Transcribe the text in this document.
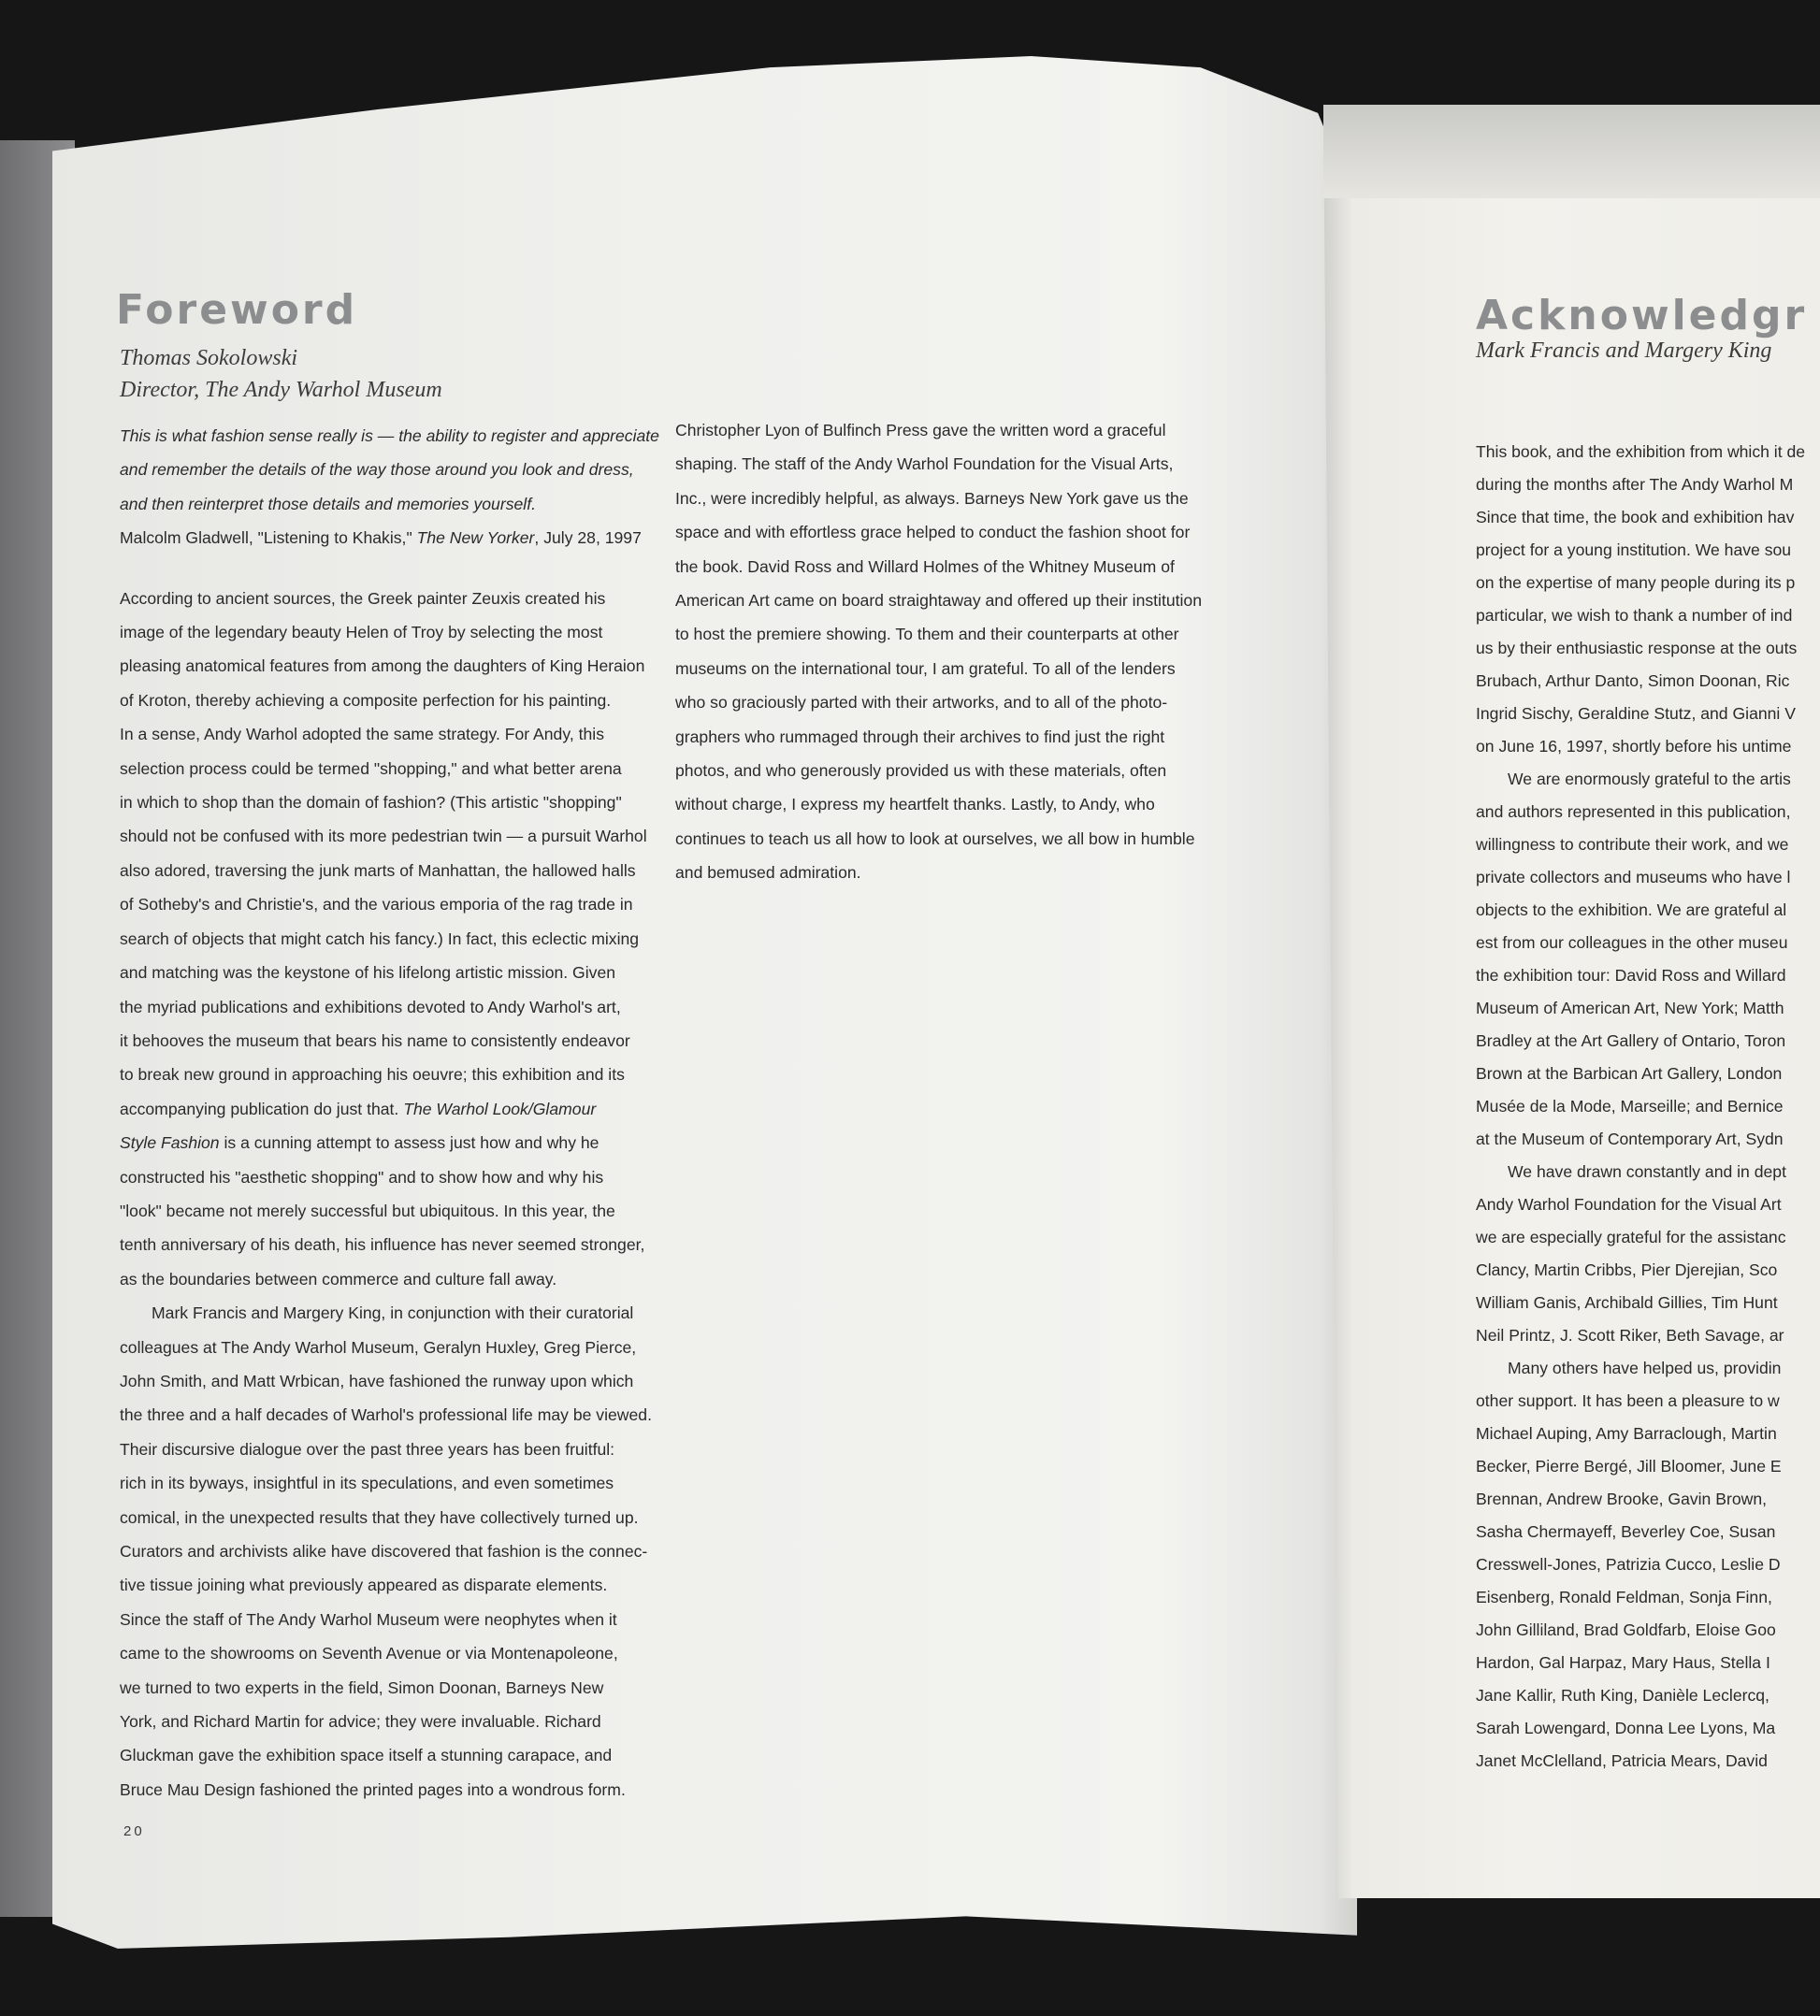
Foreword
Thomas Sokolowski
Director, The Andy Warhol Museum
This is what fashion sense really is — the ability to register and appreciate
and remember the details of the way those around you look and dress,
and then reinterpret those details and memories yourself.
Malcolm Gladwell, "Listening to Khakis," The New Yorker, July 28, 1997
According to ancient sources, the Greek painter Zeuxis created his
image of the legendary beauty Helen of Troy by selecting the most
pleasing anatomical features from among the daughters of King Heraion
of Kroton, thereby achieving a composite perfection for his painting.
In a sense, Andy Warhol adopted the same strategy. For Andy, this
selection process could be termed "shopping," and what better arena
in which to shop than the domain of fashion? (This artistic "shopping"
should not be confused with its more pedestrian twin — a pursuit Warhol
also adored, traversing the junk marts of Manhattan, the hallowed halls
of Sotheby's and Christie's, and the various emporia of the rag trade in
search of objects that might catch his fancy.) In fact, this eclectic mixing
and matching was the keystone of his lifelong artistic mission. Given
the myriad publications and exhibitions devoted to Andy Warhol's art,
it behooves the museum that bears his name to consistently endeavor
to break new ground in approaching his oeuvre; this exhibition and its
accompanying publication do just that. The Warhol Look/Glamour
Style Fashion is a cunning attempt to assess just how and why he
constructed his "aesthetic shopping" and to show how and why his
"look" became not merely successful but ubiquitous. In this year, the
tenth anniversary of his death, his influence has never seemed stronger,
as the boundaries between commerce and culture fall away.
Mark Francis and Margery King, in conjunction with their curatorial
colleagues at The Andy Warhol Museum, Geralyn Huxley, Greg Pierce,
John Smith, and Matt Wrbican, have fashioned the runway upon which
the three and a half decades of Warhol's professional life may be viewed.
Their discursive dialogue over the past three years has been fruitful:
rich in its byways, insightful in its speculations, and even sometimes
comical, in the unexpected results that they have collectively turned up.
Curators and archivists alike have discovered that fashion is the connec-
tive tissue joining what previously appeared as disparate elements.
Since the staff of The Andy Warhol Museum were neophytes when it
came to the showrooms on Seventh Avenue or via Montenapoleone,
we turned to two experts in the field, Simon Doonan, Barneys New
York, and Richard Martin for advice; they were invaluable. Richard
Gluckman gave the exhibition space itself a stunning carapace, and
Bruce Mau Design fashioned the printed pages into a wondrous form.
Christopher Lyon of Bulfinch Press gave the written word a graceful
shaping. The staff of the Andy Warhol Foundation for the Visual Arts,
Inc., were incredibly helpful, as always. Barneys New York gave us the
space and with effortless grace helped to conduct the fashion shoot for
the book. David Ross and Willard Holmes of the Whitney Museum of
American Art came on board straightaway and offered up their institution
to host the premiere showing. To them and their counterparts at other
museums on the international tour, I am grateful. To all of the lenders
who so graciously parted with their artworks, and to all of the photo-
graphers who rummaged through their archives to find just the right
photos, and who generously provided us with these materials, often
without charge, I express my heartfelt thanks. Lastly, to Andy, who
continues to teach us all how to look at ourselves, we all bow in humble
and bemused admiration.
20
Acknowledgr
Mark Francis and Margery King
This book, and the exhibition from which it de
during the months after The Andy Warhol M
Since that time, the book and exhibition hav
project for a young institution. We have sou
on the expertise of many people during its p
particular, we wish to thank a number of ind
us by their enthusiastic response at the outs
Brubach, Arthur Danto, Simon Doonan, Ric
Ingrid Sischy, Geraldine Stutz, and Gianni V
on June 16, 1997, shortly before his untime
We are enormously grateful to the artis
and authors represented in this publication,
willingness to contribute their work, and we
private collectors and museums who have l
objects to the exhibition. We are grateful al
est from our colleagues in the other museu
the exhibition tour: David Ross and Willard
Museum of American Art, New York; Matth
Bradley at the Art Gallery of Ontario, Toron
Brown at the Barbican Art Gallery, London
Musée de la Mode, Marseille; and Bernice
at the Museum of Contemporary Art, Sydn
We have drawn constantly and in dept
Andy Warhol Foundation for the Visual Art
we are especially grateful for the assistanc
Clancy, Martin Cribbs, Pier Djerejian, Sco
William Ganis, Archibald Gillies, Tim Hunt
Neil Printz, J. Scott Riker, Beth Savage, ar
Many others have helped us, providin
other support. It has been a pleasure to w
Michael Auping, Amy Barraclough, Martin
Becker, Pierre Bergé, Jill Bloomer, June E
Brennan, Andrew Brooke, Gavin Brown,
Sasha Chermayeff, Beverley Coe, Susan
Cresswell-Jones, Patrizia Cucco, Leslie D
Eisenberg, Ronald Feldman, Sonja Finn,
John Gilliland, Brad Goldfarb, Eloise Goo
Hardon, Gal Harpaz, Mary Haus, Stella I
Jane Kallir, Ruth King, Danièle Leclercq,
Sarah Lowengard, Donna Lee Lyons, Ma
Janet McClelland, Patricia Mears, David
